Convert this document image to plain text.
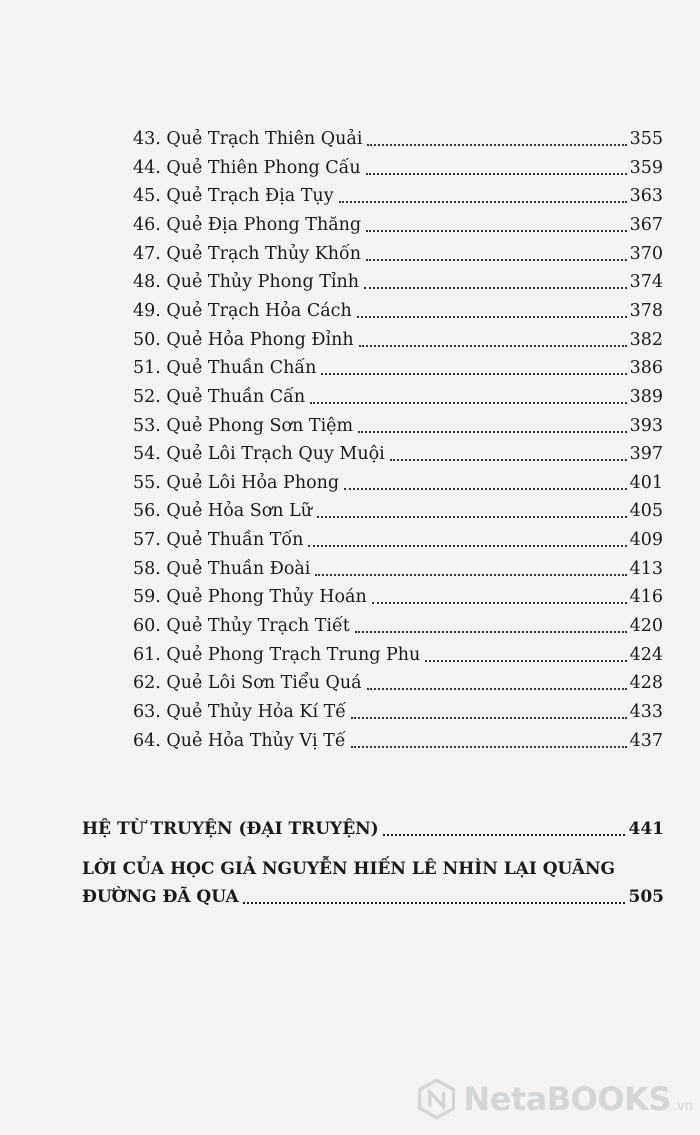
43. Quẻ Trạch Thiên Quải	355
44. Quẻ Thiên Phong Cấu	359
45. Quẻ Trạch Địa Tụy	363
46. Quẻ Địa Phong Thăng	367
47. Quẻ Trạch Thủy Khốn	370
48. Quẻ Thủy Phong Tỉnh	374
49. Quẻ Trạch Hỏa Cách	378
50. Quẻ Hỏa Phong Đỉnh	382
51. Quẻ Thuần Chấn	386
52. Quẻ Thuần Cấn	389
53. Quẻ Phong Sơn Tiệm	393
54. Quẻ Lôi Trạch Quy Muội	397
55. Quẻ Lôi Hỏa Phong	401
56. Quẻ Hỏa Sơn Lữ	405
57. Quẻ Thuần Tốn	409
58. Quẻ Thuần Đoài	413
59. Quẻ Phong Thủy Hoán	416
60. Quẻ Thủy Trạch Tiết	420
61. Quẻ Phong Trạch Trung Phu	424
62. Quẻ Lôi Sơn Tiểu Quá	428
63. Quẻ Thủy Hỏa Kí Tế	433
64. Quẻ Hỏa Thủy Vị Tế	437
HỆ TỪ TRUYỆN (ĐẠI TRUYỆN)	441
LỜI CỦA HỌC GIẢ NGUYỄN HIẾN LÊ NHÌN LẠI QUÃNG
ĐƯỜNG ĐÃ QUA	505
NetaBOOKS .vn
